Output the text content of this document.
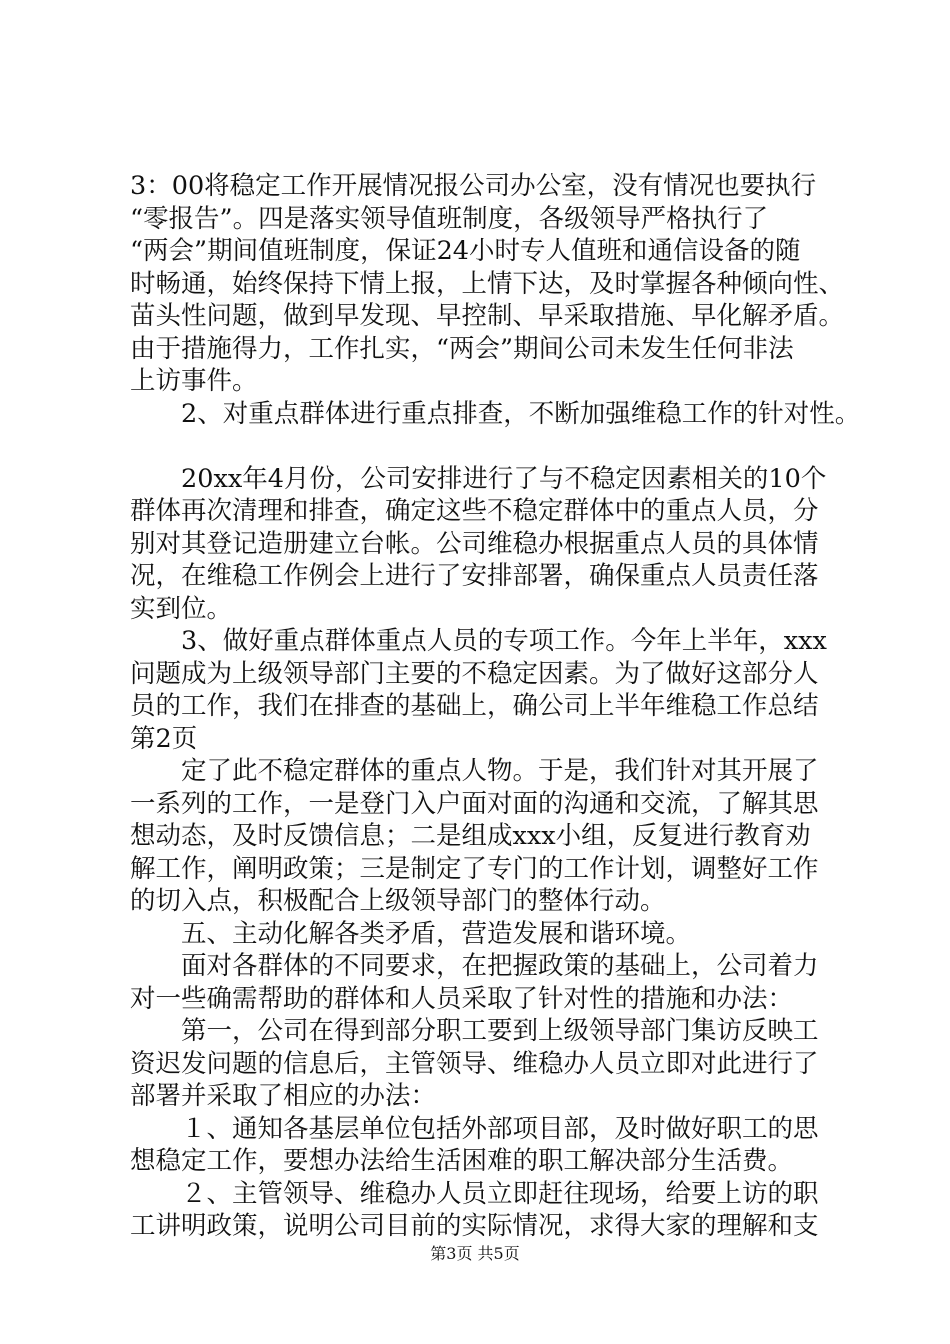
3：00将稳定工作开展情况报公司办公室，没有情况也要执行
“零报告”。四是落实领导值班制度，各级领导严格执行了
“两会”期间值班制度，保证24小时专人值班和通信设备的随
时畅通，始终保持下情上报，上情下达，及时掌握各种倾向性、
苗头性问题，做到早发现、早控制、早采取措施、早化解矛盾。
由于措施得力，工作扎实，“两会”期间公司未发生任何非法
上访事件。
　　2、对重点群体进行重点排查，不断加强维稳工作的针对性。
　　20xx年4月份，公司安排进行了与不稳定因素相关的10个
群体再次清理和排查，确定这些不稳定群体中的重点人员，分
别对其登记造册建立台帐。公司维稳办根据重点人员的具体情
况，在维稳工作例会上进行了安排部署，确保重点人员责任落
实到位。
　　3、做好重点群体重点人员的专项工作。今年上半年，xxx
问题成为上级领导部门主要的不稳定因素。为了做好这部分人
员的工作，我们在排查的基础上，确公司上半年维稳工作总结
第2页
　　定了此不稳定群体的重点人物。于是，我们针对其开展了
一系列的工作，一是登门入户面对面的沟通和交流，了解其思
想动态，及时反馈信息；二是组成xxx小组，反复进行教育劝
解工作，阐明政策；三是制定了专门的工作计划，调整好工作
的切入点，积极配合上级领导部门的整体行动。
　　五、主动化解各类矛盾，营造发展和谐环境。
　　面对各群体的不同要求，在把握政策的基础上，公司着力
对一些确需帮助的群体和人员采取了针对性的措施和办法：
　　第一，公司在得到部分职工要到上级领导部门集访反映工
资迟发问题的信息后，主管领导、维稳办人员立即对此进行了
部署并采取了相应的办法：
　　１、通知各基层单位包括外部项目部，及时做好职工的思
想稳定工作，要想办法给生活困难的职工解决部分生活费。
　　２、主管领导、维稳办人员立即赶往现场，给要上访的职
工讲明政策，说明公司目前的实际情况，求得大家的理解和支
第3页 共5页
